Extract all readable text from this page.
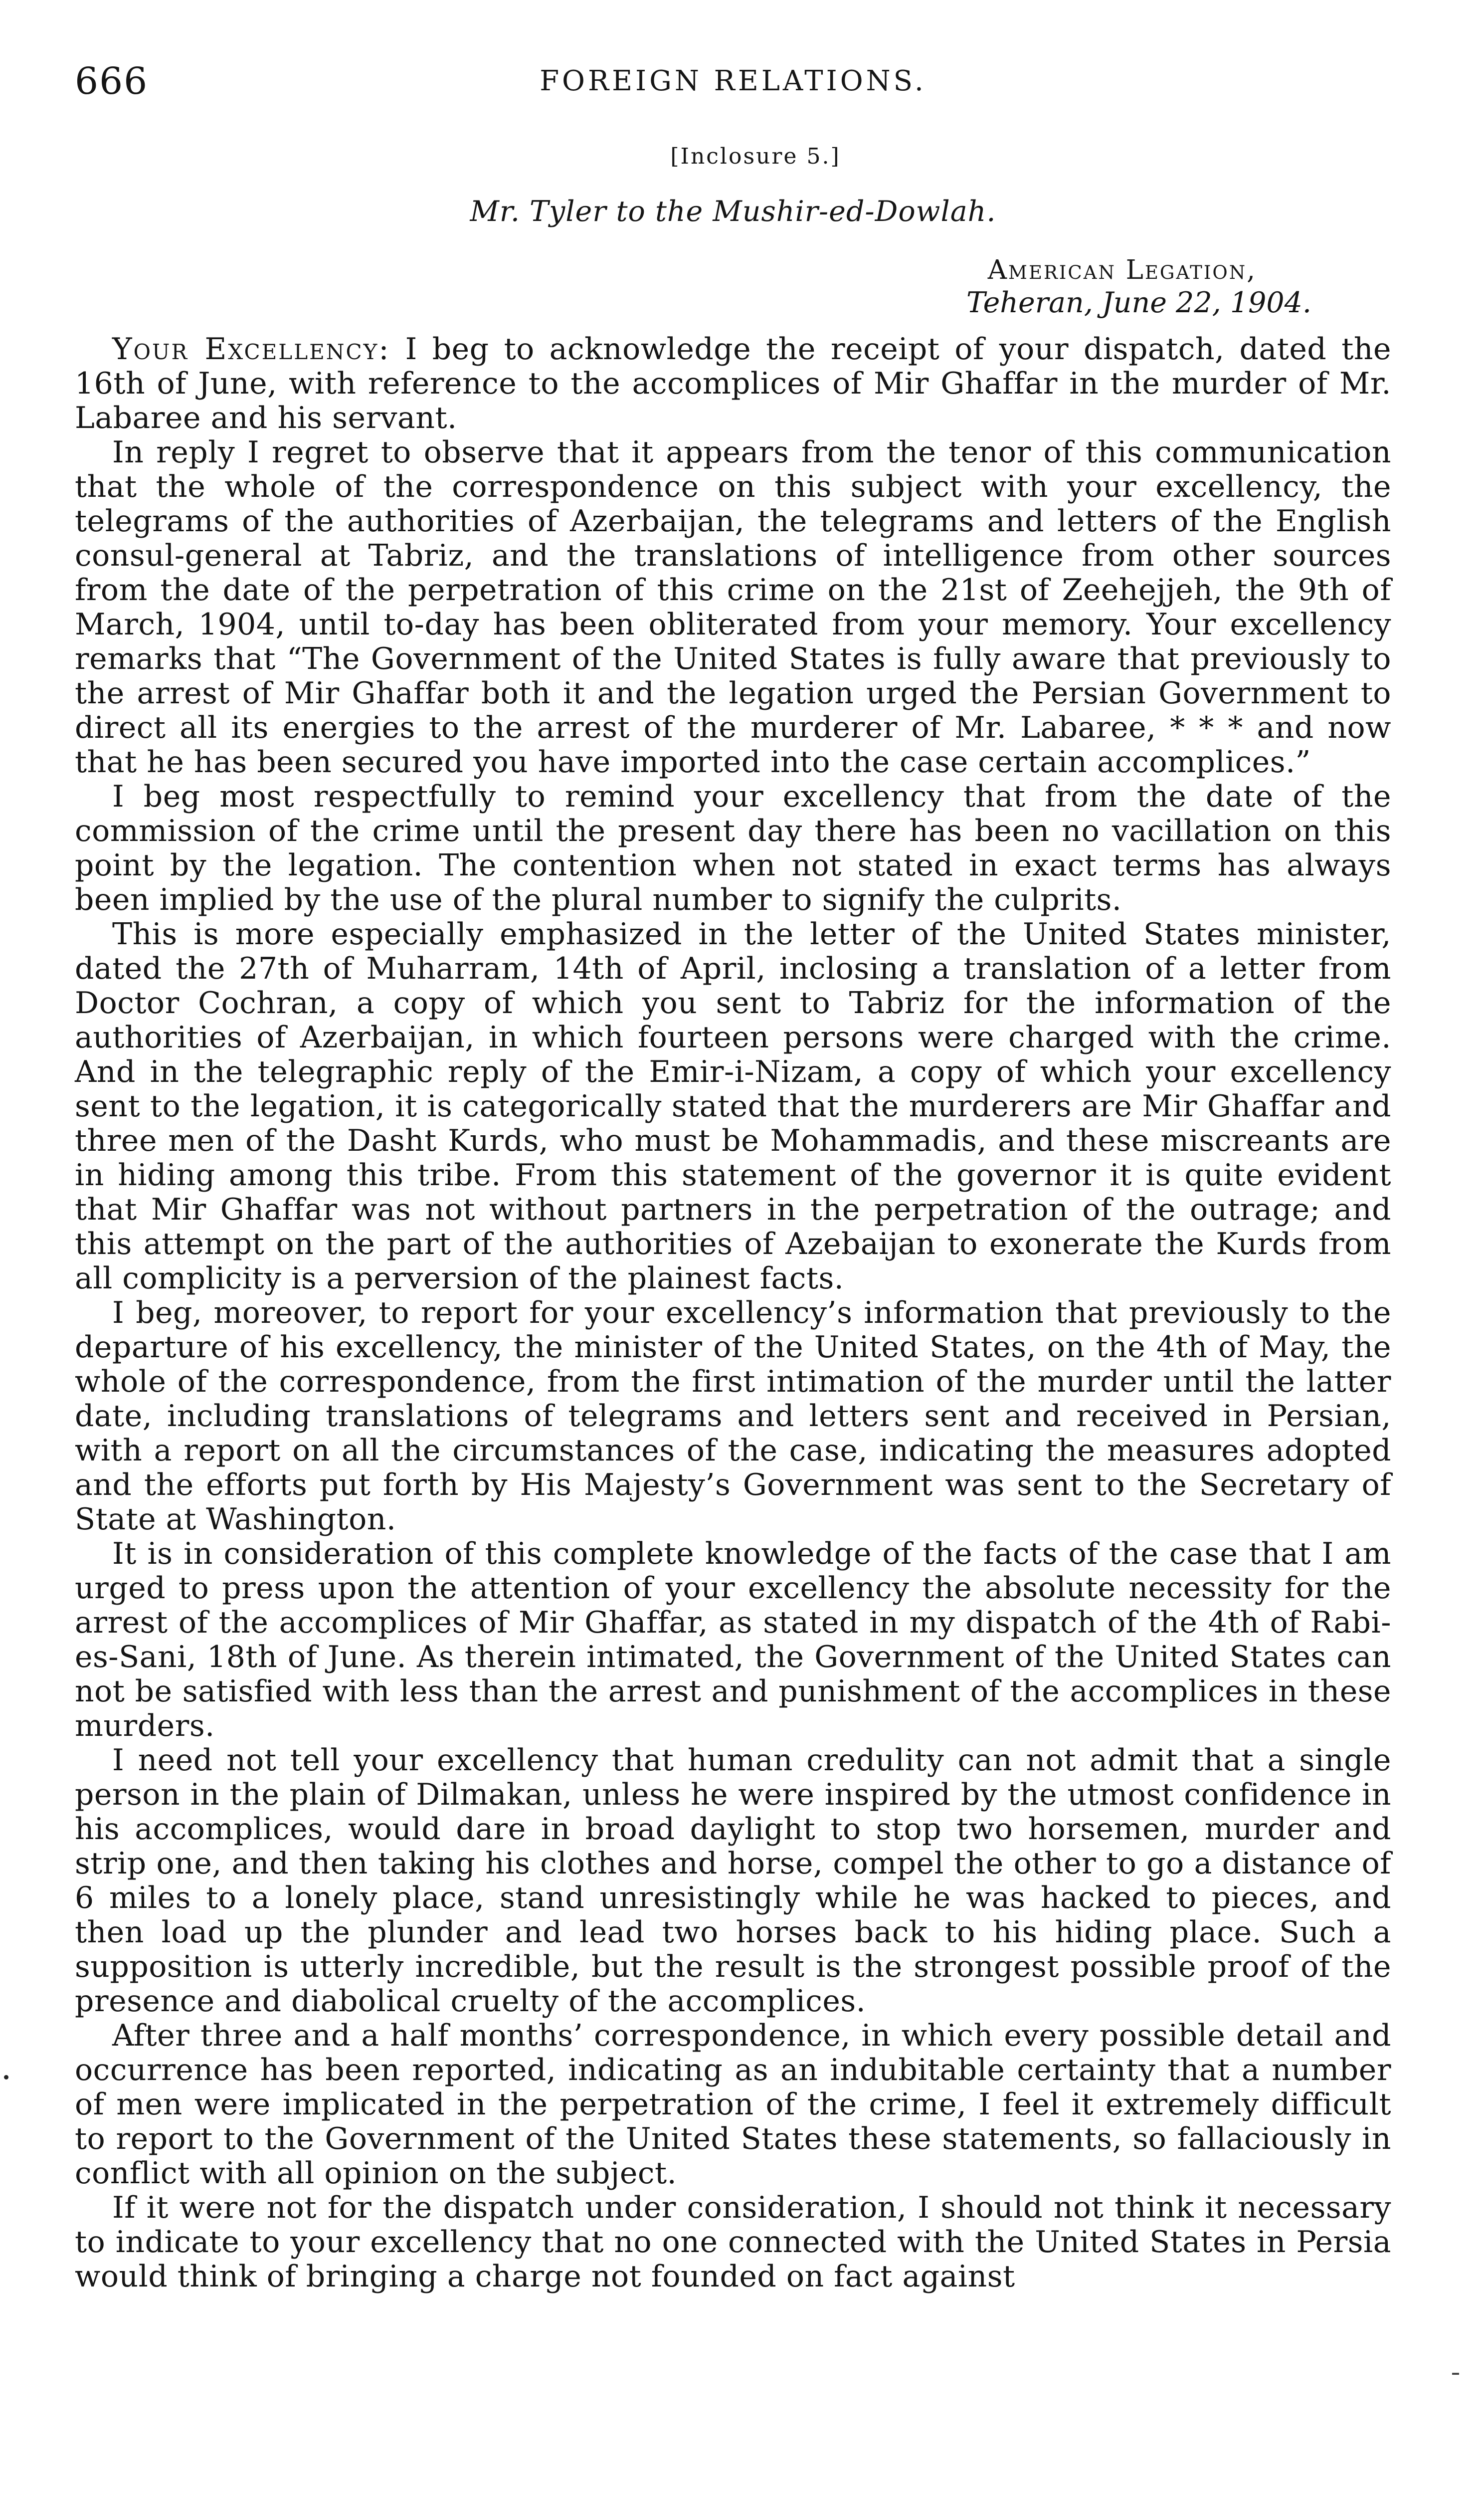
666	FOREIGN RELATIONS.
[Inclosure 5.]
Mr. Tyler to the Mushir-ed-Dowlah.
American Legation,
Teheran, June 22, 1904.

Your Excellency: I beg to acknowledge the receipt of your dispatch, dated the 16th of June, with reference to the accomplices of Mir Ghaffar in the murder of Mr. Labaree and his servant.

In reply I regret to observe that it appears from the tenor of this communication that the whole of the correspondence on this subject with your excellency, the telegrams of the authorities of Azerbaijan, the telegrams and letters of the English consul-general at Tabriz, and the translations of intelligence from other sources from the date of the perpetration of this crime on the 21st of Zeehejjeh, the 9th of March, 1904, until to-day has been obliterated from your memory. Your excellency remarks that “The Government of the United States is fully aware that previously to the arrest of Mir Ghaffar both it and the legation urged the Persian Government to direct all its energies to the arrest of the murderer of Mr. Labaree, * * * and now that he has been secured you have imported into the case certain accomplices.”

I beg most respectfully to remind your excellency that from the date of the commission of the crime until the present day there has been no vacillation on this point by the legation. The contention when not stated in exact terms has always been implied by the use of the plural number to signify the culprits.

This is more especially emphasized in the letter of the United States minister, dated the 27th of Muharram, 14th of April, inclosing a translation of a letter from Doctor Cochran, a copy of which you sent to Tabriz for the information of the authorities of Azerbaijan, in which fourteen persons were charged with the crime. And in the telegraphic reply of the Emir-i-Nizam, a copy of which your excellency sent to the legation, it is categorically stated that the murderers are Mir Ghaffar and three men of the Dasht Kurds, who must be Mohammadis, and these miscreants are in hiding among this tribe. From this statement of the governor it is quite evident that Mir Ghaffar was not without partners in the perpetration of the outrage; and this attempt on the part of the authorities of Azebaijan to exonerate the Kurds from all complicity is a perversion of the plainest facts.

I beg, moreover, to report for your excellency’s information that previously to the departure of his excellency, the minister of the United States, on the 4th of May, the whole of the correspondence, from the first intimation of the murder until the latter date, including translations of telegrams and letters sent and received in Persian, with a report on all the circumstances of the case, indicating the measures adopted and the efforts put forth by His Majesty’s Government was sent to the Secretary of State at Washington.

It is in consideration of this complete knowledge of the facts of the case that I am urged to press upon the attention of your excellency the absolute necessity for the arrest of the accomplices of Mir Ghaffar, as stated in my dispatch of the 4th of Rabi-es-Sani, 18th of June. As therein intimated, the Government of the United States can not be satisfied with less than the arrest and punishment of the accomplices in these murders.

I need not tell your excellency that human credulity can not admit that a single person in the plain of Dilmakan, unless he were inspired by the utmost confidence in his accomplices, would dare in broad daylight to stop two horsemen, murder and strip one, and then taking his clothes and horse, compel the other to go a distance of 6 miles to a lonely place, stand unresistingly while he was hacked to pieces, and then load up the plunder and lead two horses back to his hiding place. Such a supposition is utterly incredible, but the result is the strongest possible proof of the presence and diabolical cruelty of the accomplices.

After three and a half months’ correspondence, in which every possible detail and occurrence has been reported, indicating as an indubitable certainty that a number of men were implicated in the perpetration of the crime, I feel it extremely difficult to report to the Government of the United States these statements, so fallaciously in conflict with all opinion on the subject.

If it were not for the dispatch under consideration, I should not think it necessary to indicate to your excellency that no one connected with the United States in Persia would think of bringing a charge not founded on fact against
